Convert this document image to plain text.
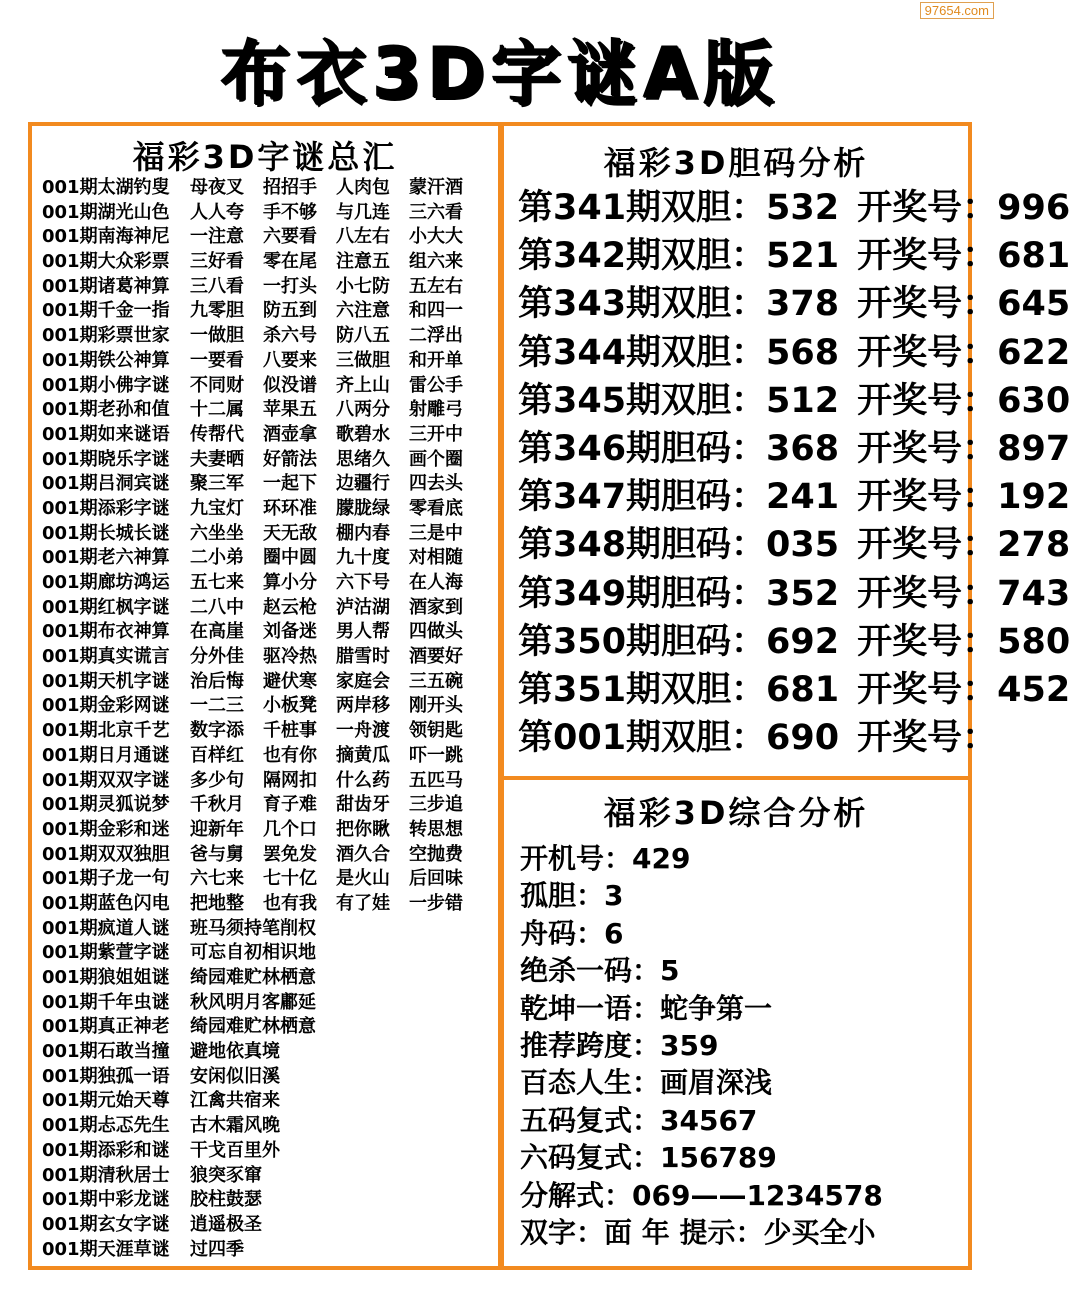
97654.com
布衣3D字谜A版
福彩3D字谜总汇
001期太湖钓叟	母夜叉	招招手	人肉包	蒙汗酒
001期湖光山色	人人夸	手不够	与几连	三六看
001期南海神尼	一注意	六要看	八左右	小大大
001期大众彩票	三好看	零在尾	注意五	组六来
001期诸葛神算	三八看	一打头	小七防	五左右
001期千金一指	九零胆	防五到	六注意	和四一
001期彩票世家	一做胆	杀六号	防八五	二浮出
001期铁公神算	一要看	八要来	三做胆	和开单
001期小佛字谜	不同财	似没谱	齐上山	雷公手
001期老孙和值	十二属	苹果五	八两分	射雕弓
001期如来谜语	传帮代	酒壶拿	歌碧水	三开中
001期晓乐字谜	夫妻晒	好箭法	思绪久	画个圈
001期吕洞宾谜	聚三军	一起下	边疆行	四去头
001期添彩字谜	九宝灯	环环准	朦胧绿	零看底
001期长城长谜	六坐坐	天无敌	棚内春	三是中
001期老六神算	二小弟	圈中圆	九十度	对相随
001期廊坊鸿运	五七来	算小分	六下号	在人海
001期红枫字谜	二八中	赵云枪	泸沽湖	酒家到
001期布衣神算	在高崖	刘备迷	男人帮	四做头
001期真实谎言	分外佳	驱冷热	腊雪时	酒要好
001期天机字谜	治后悔	避伏寒	家庭会	三五碗
001期金彩网谜	一二三	小板凳	两岸移	刚开头
001期北京千艺	数字添	千桩事	一舟渡	领钥匙
001期日月通谜	百样红	也有你	摘黄瓜	吓一跳
001期双双字谜	多少句	隔网扣	什么药	五匹马
001期灵狐说梦	千秋月	育子难	甜齿牙	三步追
001期金彩和迷	迎新年	几个口	把你瞅	转思想
001期双双独胆	爸与舅	罢免发	酒久合	空抛费
001期子龙一句	六七来	七十亿	是火山	后回味
001期蓝色闪电	把地整	也有我	有了娃	一步错
001期疯道人谜	班马须持笔削权
001期紫萱字谜	可忘自初相识地
001期狼姐姐谜	绮园难贮林栖意
001期千年虫谜	秋风明月客鄘延
001期真正神老	绮园难贮林栖意
001期石敢当撞	避地依真境
001期独孤一语	安闲似旧溪
001期元始天尊	江禽共宿来
001期忐忑先生	古木霜风晚
001期添彩和谜	干戈百里外
001期清秋居士	狼突豕窜
001期中彩龙谜	胶柱鼓瑟
001期玄女字谜	逍遥极圣
001期天涯草谜	过四季
福彩3D胆码分析
第341期双胆：532 开奖号：996
第342期双胆：521 开奖号：681
第343期双胆：378 开奖号：645
第344期双胆：568 开奖号：622
第345期双胆：512 开奖号：630
第346期胆码：368 开奖号：897
第347期胆码：241 开奖号：192
第348期胆码：035 开奖号：278
第349期胆码：352 开奖号：743
第350期胆码：692 开奖号：580
第351期双胆：681 开奖号：452
第001期双胆：690 开奖号：
福彩3D综合分析
开机号：429
孤胆：3
舟码：6
绝杀一码：5
乾坤一语：蛇争第一
推荐跨度：359
百态人生：画眉深浅
五码复式：34567
六码复式：156789
分解式：069——1234578
双字：面 年 提示：少买全小
